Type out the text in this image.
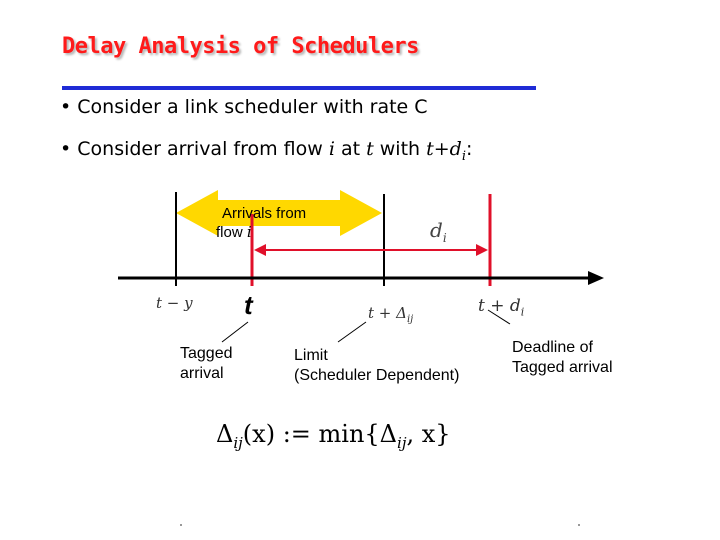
Delay Analysis of Schedulers
• Consider a link scheduler with rate C
• Consider arrival from flow i at t with $t+d_i$:
Arrivals from
flow i	$d_i$
t − y t	$t + \Delta_{ij}$
$t + d_i$
Tagged
arrival
Limit
(Scheduler Dependent)
Deadline of
Tagged arrival
$\Delta_{ij}(x)$ := $\min\{\Delta_{ij}$, x}
